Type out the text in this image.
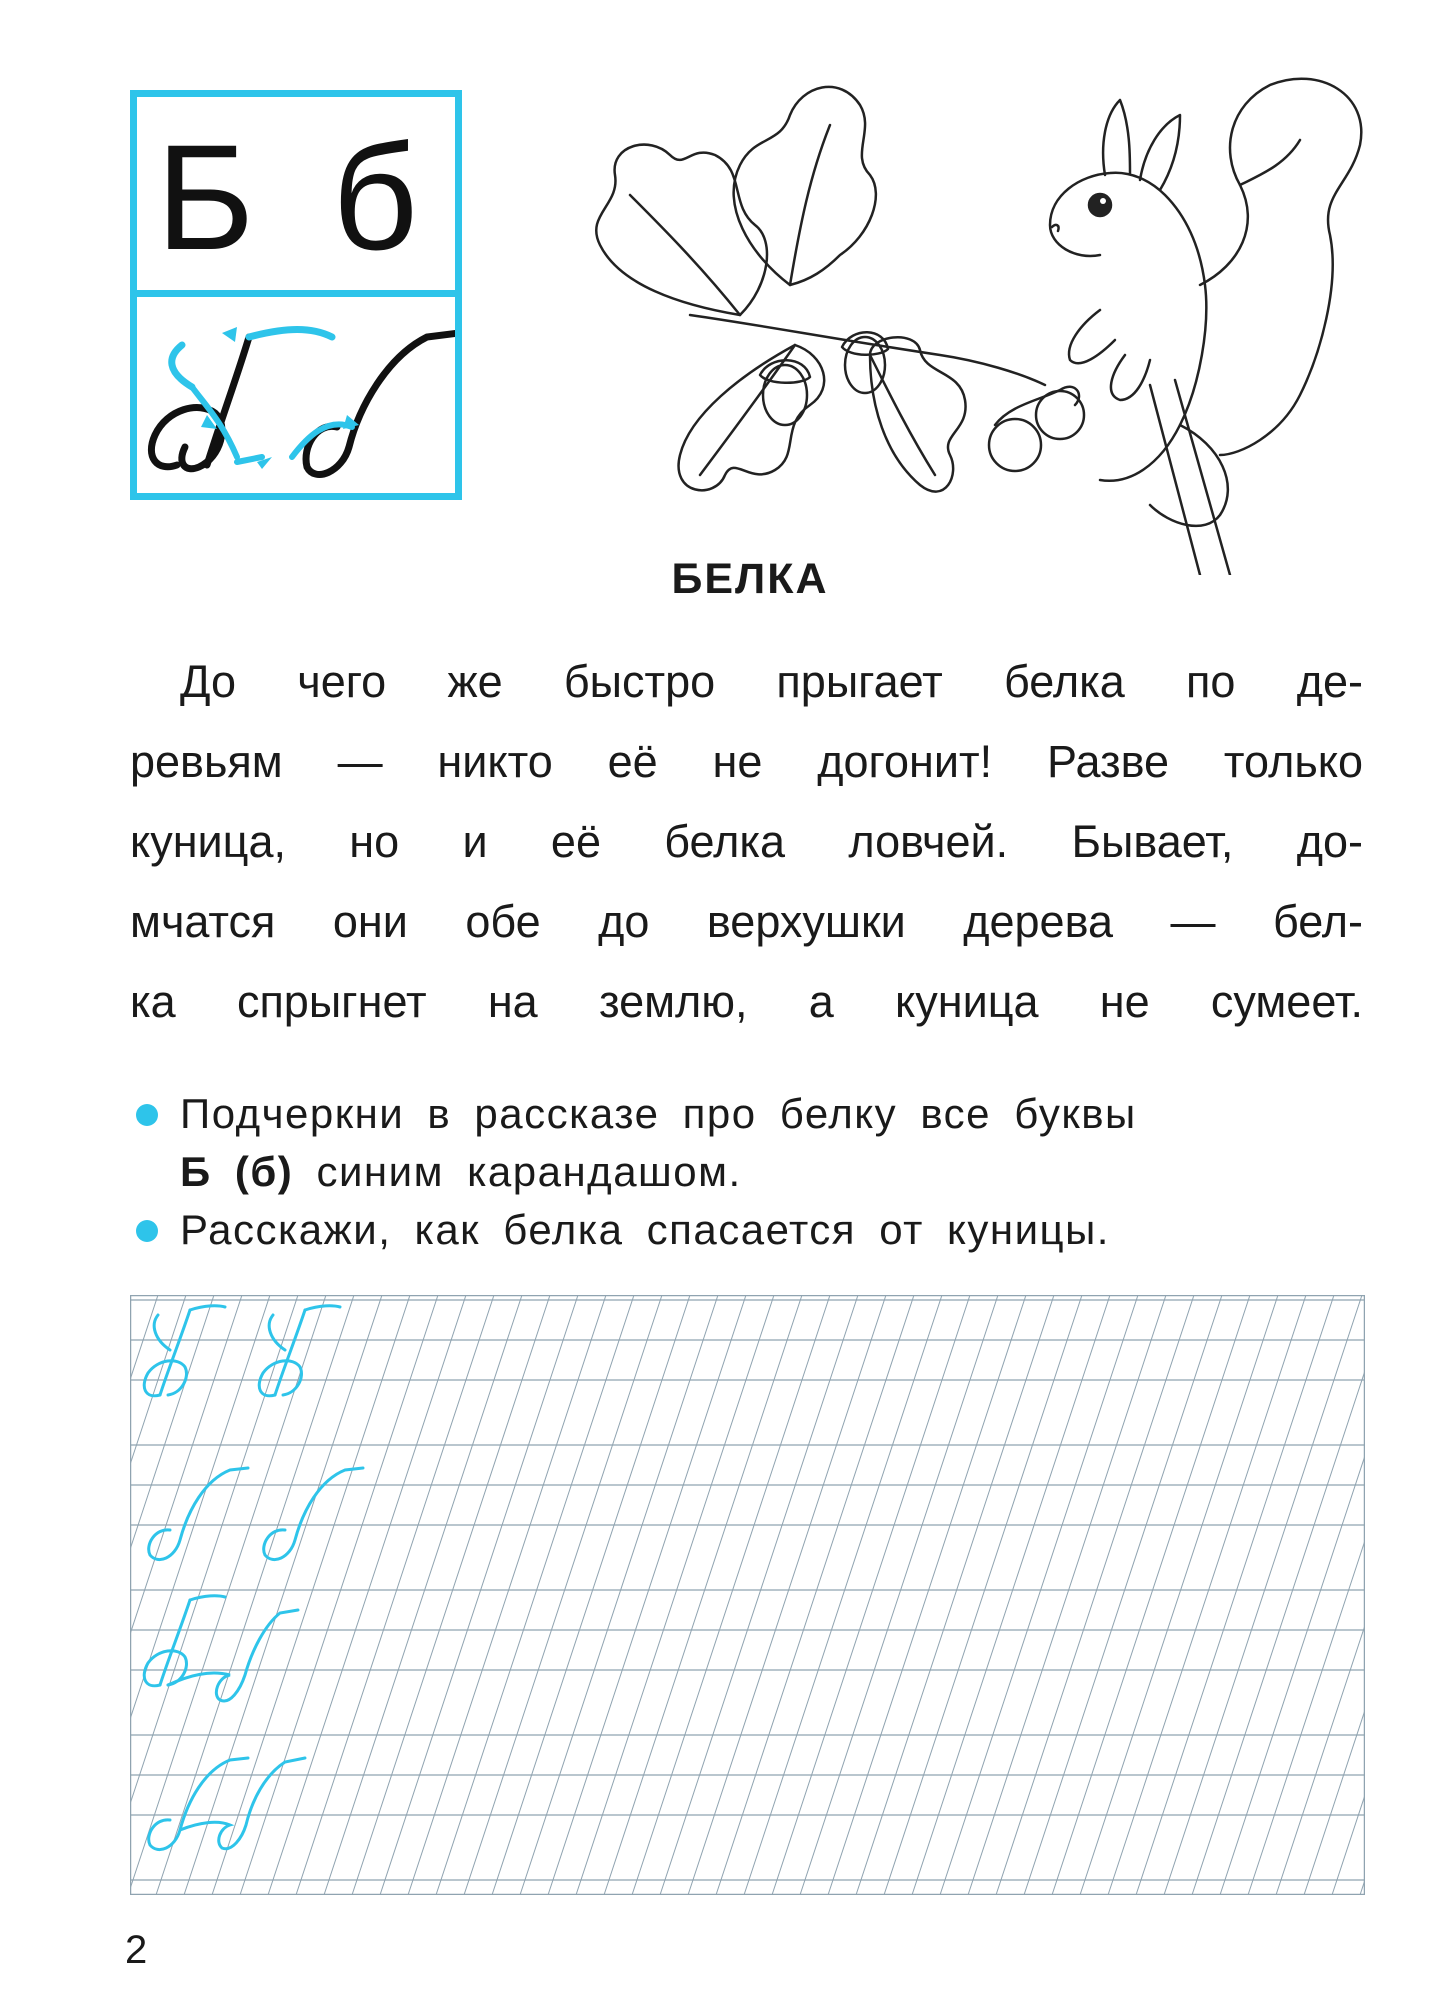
Б б
БЕЛКА
До чего же быстро прыгает белка по де-
ревьям — никто её не догонит! Разве только
куница, но и её белка ловчей. Бывает, до-
мчатся они обе до верхушки дерева — бел-
ка спрыгнет на землю, а куница не сумеет.
Подчеркни в рассказе про белку все буквы
Б (б) синим карандашом.
Расскажи, как белка спасается от куницы.
2
